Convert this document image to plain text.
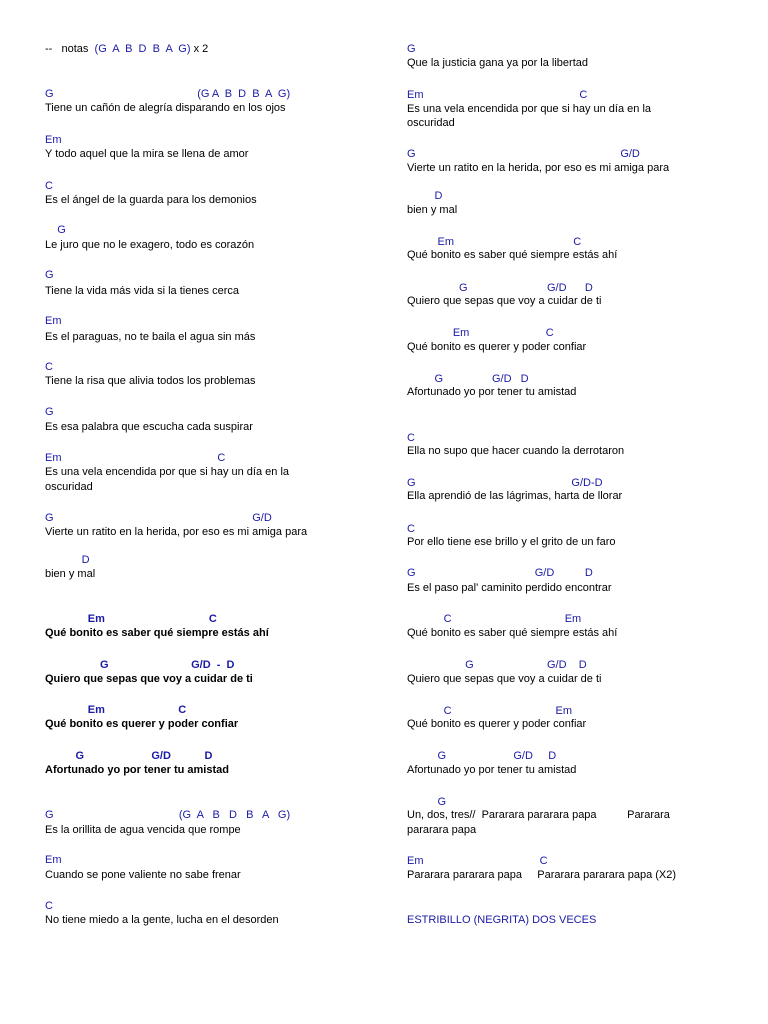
--   notas  (G  A  B  D  B  A  G) x 2
G                                               (G A  B  D  B  A  G)
Tiene un cañón de alegría disparando en los ojos
Em
Y todo aquel que la mira se llena de amor
C
Es el ángel de la guarda para los demonios
G
Le juro que no le exagero, todo es corazón
G
Tiene la vida más vida si la tienes cerca
Em
Es el paraguas, no te baila el agua sin más
C
Tiene la risa que alivia todos los problemas
G
Es esa palabra que escucha cada suspirar
Em                                                   C
Es una vela encendida por que si hay un día en la
oscuridad
G                                                                 G/D
Vierte un ratito en la herida, por eso es mi amiga para
D
bien y mal
Em                                  C
Qué bonito es saber qué siempre estás ahí
G                           G/D  -  D
Quiero que sepas que voy a cuidar de ti
Em                        C
Qué bonito es querer y poder confiar
G                      G/D           D
Afortunado yo por tener tu amistad
G                                         (G  A   B   D   B   A   G)
Es la orillita de agua vencida que rompe
Em
Cuando se pone valiente no sabe frenar
C
No tiene miedo a la gente, lucha en el desorden
G
Que la justicia gana ya por la libertad
Em                                                   C
Es una vela encendida por que si hay un día en la
oscuridad
G                                                                   G/D
Vierte un ratito en la herida, por eso es mi amiga para
D
bien y mal
Em                                       C
Qué bonito es saber qué siempre estás ahí
G                          G/D      D
Quiero que sepas que voy a cuidar de ti
Em                         C
Qué bonito es querer y poder confiar
G                G/D   D
Afortunado yo por tener tu amistad
C
Ella no supo que hacer cuando la derrotaron
G                                                   G/D-D
Ella aprendió de las lágrimas, harta de llorar
C
Por ello tiene ese brillo y el grito de un faro
G                                       G/D          D
Es el paso pal' caminito perdido encontrar
C                                     Em
Qué bonito es saber qué siempre estás ahí
G                        G/D    D
Quiero que sepas que voy a cuidar de ti
C                                  Em
Qué bonito es querer y poder confiar
G                      G/D     D
Afortunado yo por tener tu amistad
G
Un, dos, tres//  Pararara pararara papa          Pararara
pararara papa
Em                                      C
Pararara pararara papa     Pararara pararara papa (X2)
ESTRIBILLO (NEGRITA) DOS VECES
